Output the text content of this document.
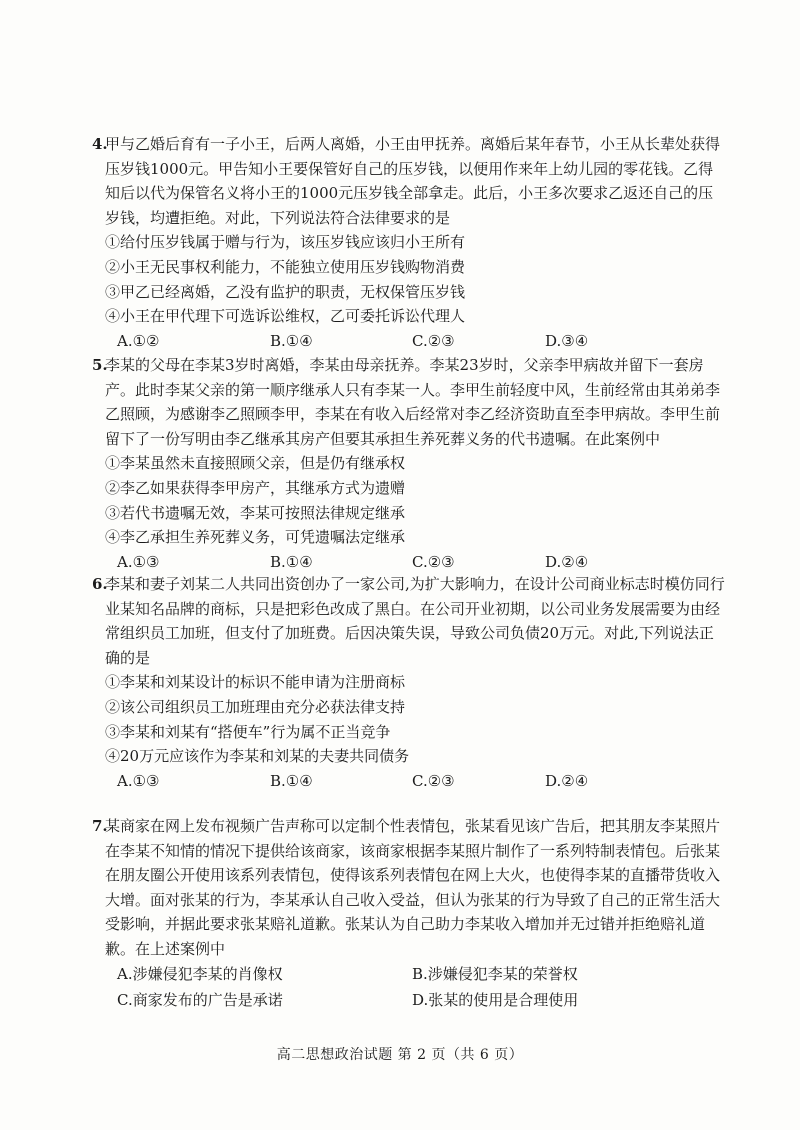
4.

甲与乙婚后育有一子小王，后两人离婚，小王由甲抚养。离婚后某年春节，小王从长辈处获得压岁钱1000元。甲告知小王要保管好自己的压岁钱，以便用作来年上幼儿园的零花钱。乙得知后以代为保管名义将小王的1000元压岁钱全部拿走。此后，小王多次要求乙返还自己的压岁钱，均遭拒绝。对此，下列说法符合法律要求的是

①给付压岁钱属于赠与行为，该压岁钱应该归小王所有

②小王无民事权利能力，不能独立使用压岁钱购物消费

③甲乙已经离婚，乙没有监护的职责，无权保管压岁钱

④小王在甲代理下可选诉讼维权，乙可委托诉讼代理人

A.①②	B.①④	C.②③	D.③④
5.

李某的父母在李某3岁时离婚，李某由母亲抚养。李某23岁时，父亲李甲病故并留下一套房产。此时李某父亲的第一顺序继承人只有李某一人。李甲生前轻度中风，生前经常由其弟弟李乙照顾，为感谢李乙照顾李甲，李某在有收入后经常对李乙经济资助直至李甲病故。李甲生前留下了一份写明由李乙继承其房产但要其承担生养死葬义务的代书遗嘱。在此案例中

①李某虽然未直接照顾父亲，但是仍有继承权

②李乙如果获得李甲房产，其继承方式为遗赠

③若代书遗嘱无效，李某可按照法律规定继承

④李乙承担生养死葬义务，可凭遗嘱法定继承

A.①③	B.①④	C.②③	D.②④
6.

李某和妻子刘某二人共同出资创办了一家公司,为扩大影响力，在设计公司商业标志时模仿同行业某知名品牌的商标，只是把彩色改成了黑白。在公司开业初期，以公司业务发展需要为由经常组织员工加班，但支付了加班费。后因决策失误，导致公司负债20万元。对此,下列说法正确的是

①李某和刘某设计的标识不能申请为注册商标

②该公司组织员工加班理由充分必获法律支持

③李某和刘某有“搭便车”行为属不正当竞争

④20万元应该作为李某和刘某的夫妻共同债务

A.①③	B.①④	C.②③	D.②④
7.

某商家在网上发布视频广告声称可以定制个性表情包，张某看见该广告后，把其朋友李某照片在李某不知情的情况下提供给该商家，该商家根据李某照片制作了一系列特制表情包。后张某在朋友圈公开使用该系列表情包，使得该系列表情包在网上大火，也使得李某的直播带货收入大增。面对张某的行为，李某承认自己收入受益，但认为张某的行为导致了自己的正常生活大受影响，并据此要求张某赔礼道歉。张某认为自己助力李某收入增加并无过错并拒绝赔礼道歉。在上述案例中

A.涉嫌侵犯李某的肖像权	B.涉嫌侵犯李某的荣誉权
C.商家发布的广告是承诺	D.张某的使用是合理使用
高二思想政治试题 第 2 页（共 6 页）
